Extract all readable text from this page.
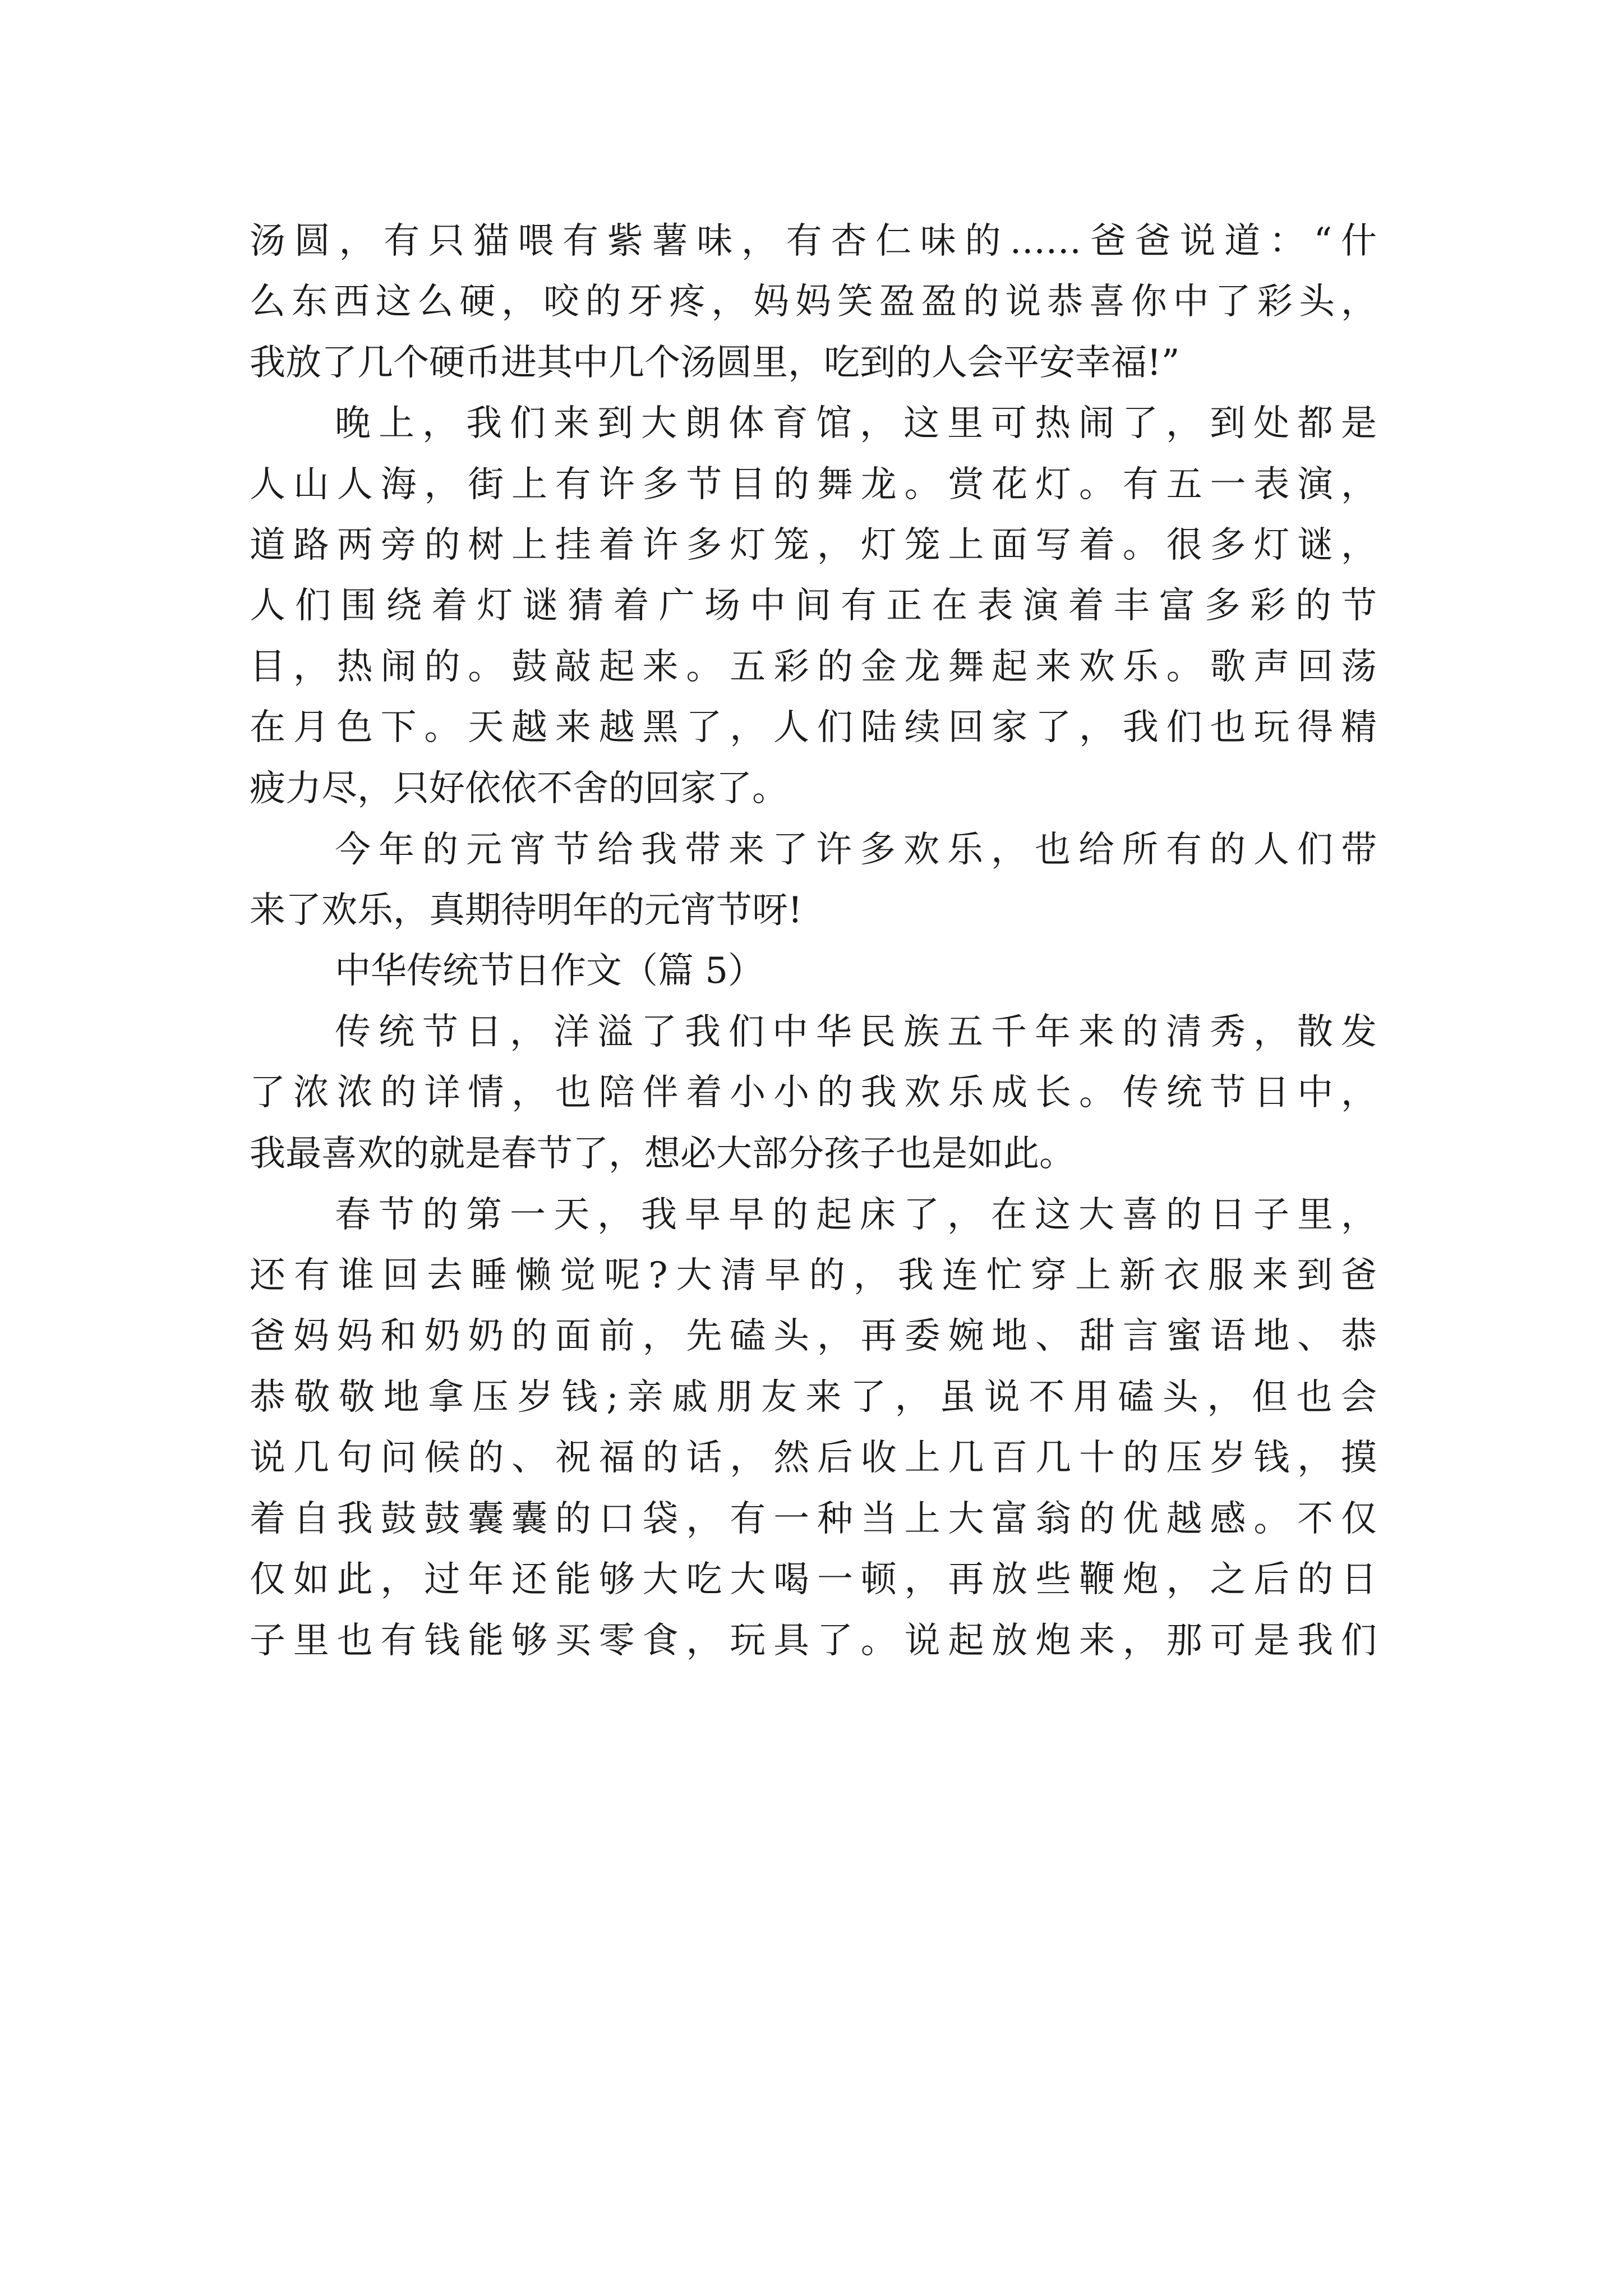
汤圆，有只猫喂有紫薯味，有杏仁味的……爸爸说道：“什
么东西这么硬，咬的牙疼，妈妈笑盈盈的说恭喜你中了彩头，
我放了几个硬币进其中几个汤圆里，吃到的人会平安幸福!”
晚上，我们来到大朗体育馆，这里可热闹了，到处都是
人山人海，街上有许多节目的舞龙。赏花灯。有五一表演，
道路两旁的树上挂着许多灯笼，灯笼上面写着。很多灯谜，
人们围绕着灯谜猜着广场中间有正在表演着丰富多彩的节
目，热闹的。鼓敲起来。五彩的金龙舞起来欢乐。歌声回荡
在月色下。天越来越黑了，人们陆续回家了，我们也玩得精
疲力尽，只好依依不舍的回家了。
今年的元宵节给我带来了许多欢乐，也给所有的人们带
来了欢乐，真期待明年的元宵节呀!
中华传统节日作文（篇 5）
传统节日，洋溢了我们中华民族五千年来的清秀，散发
了浓浓的详情，也陪伴着小小的我欢乐成长。传统节日中，
我最喜欢的就是春节了，想必大部分孩子也是如此。
春节的第一天，我早早的起床了，在这大喜的日子里，
还有谁回去睡懒觉呢?大清早的，我连忙穿上新衣服来到爸
爸妈妈和奶奶的面前，先磕头，再委婉地、甜言蜜语地、恭
恭敬敬地拿压岁钱;亲戚朋友来了，虽说不用磕头，但也会
说几句问候的、祝福的话，然后收上几百几十的压岁钱，摸
着自我鼓鼓囊囊的口袋，有一种当上大富翁的优越感。不仅
仅如此，过年还能够大吃大喝一顿，再放些鞭炮，之后的日
子里也有钱能够买零食，玩具了。说起放炮来，那可是我们
